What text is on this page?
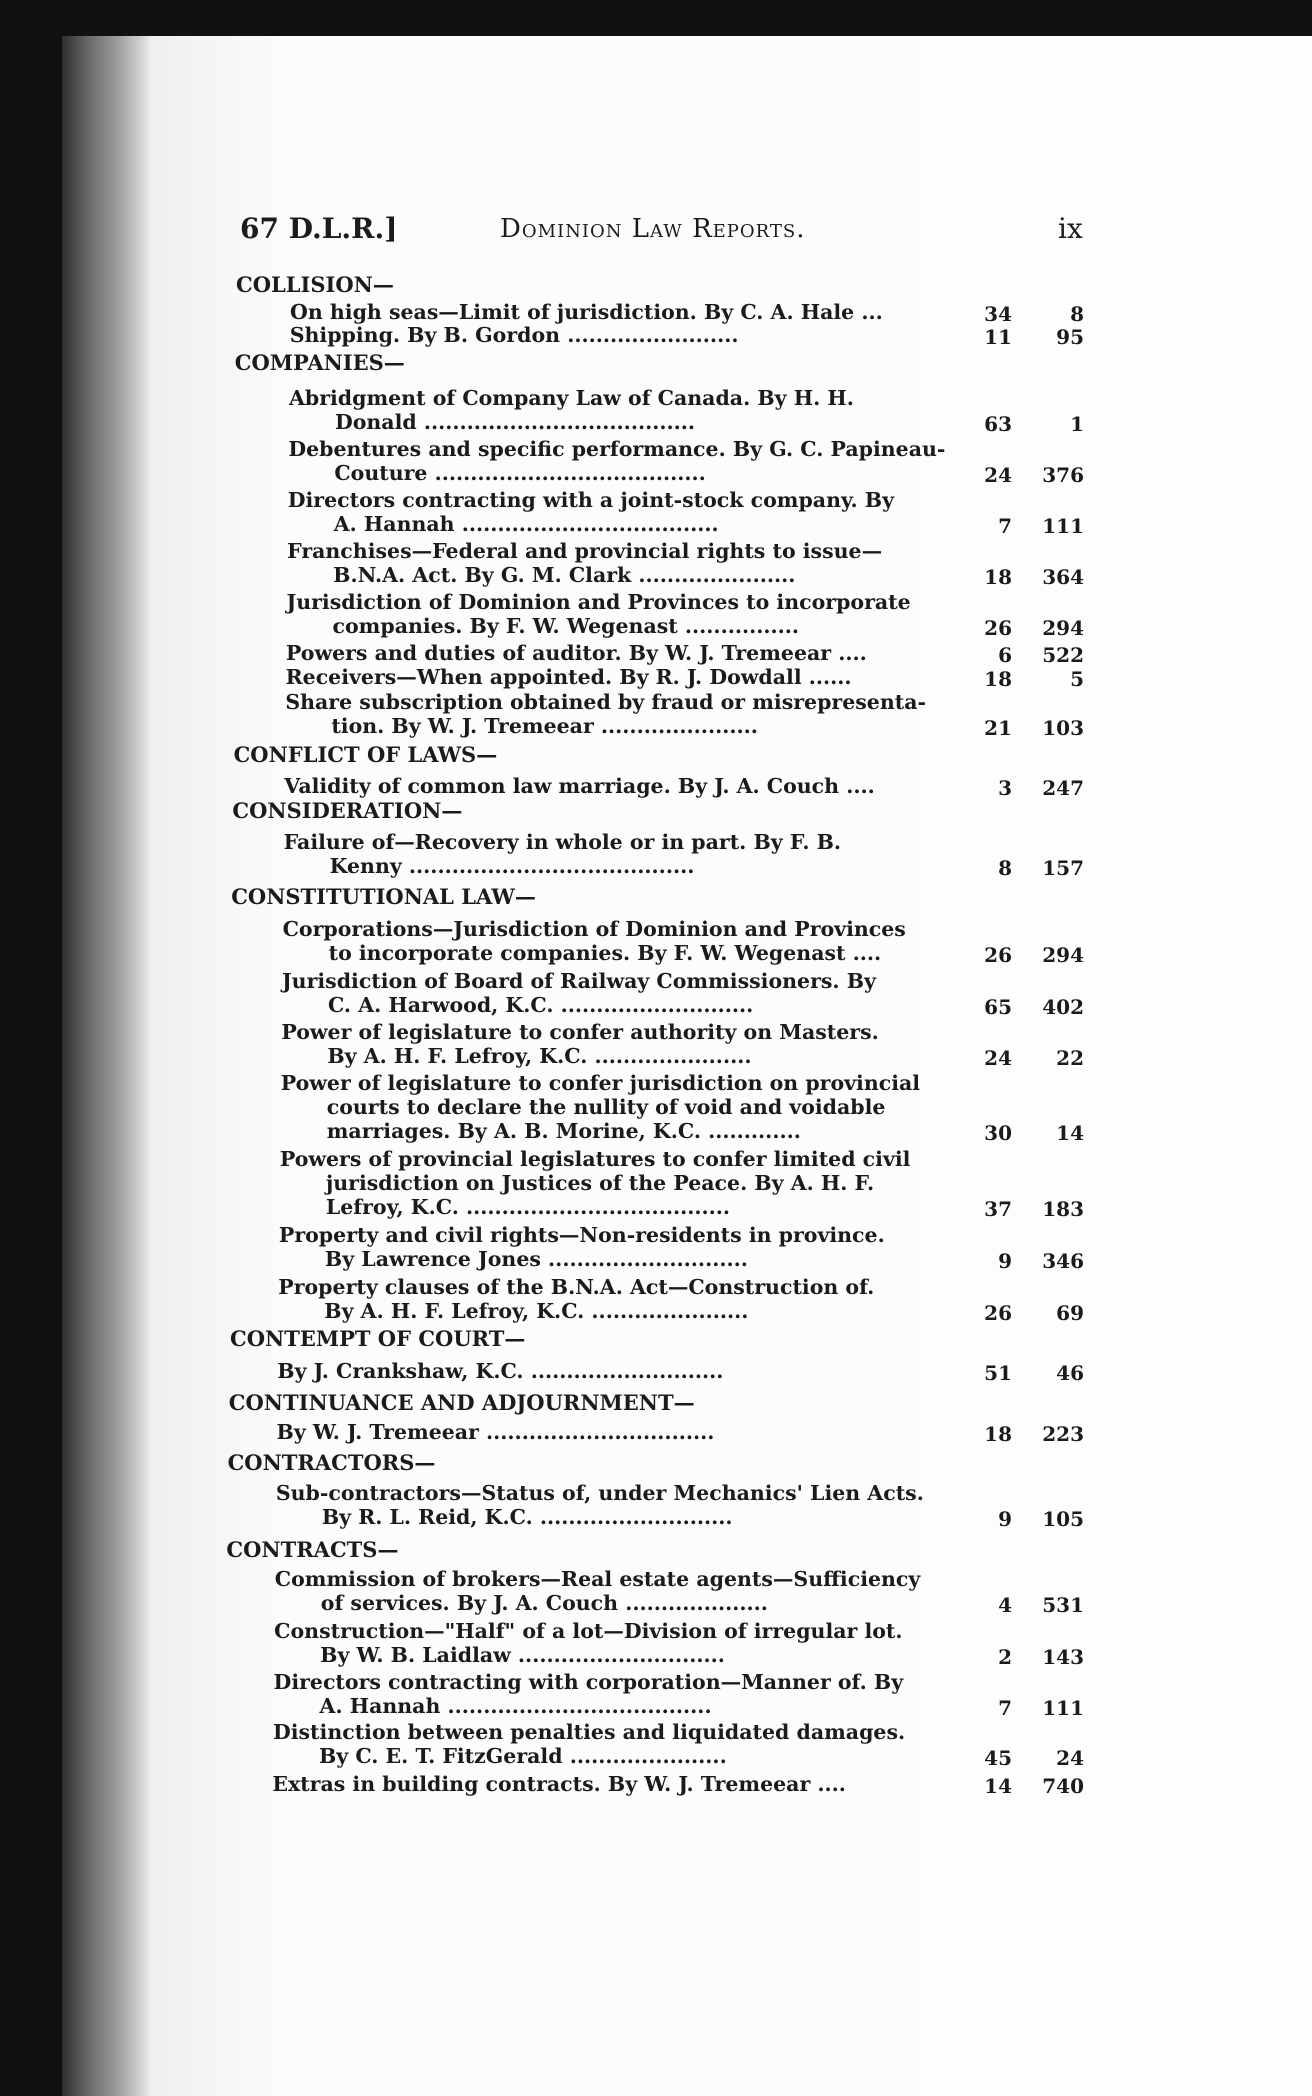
67 D.L.R.]	Dominion Law Reports.	ix
COLLISION—
On high seas—Limit of jurisdiction. By C. A. Hale ...	34	8
Shipping. By B. Gordon ........................	11	95
COMPANIES—
Abridgment of Company Law of Canada. By H. H.
Donald ......................................	63	1
Debentures and specific performance. By G. C. Papineau-
Couture ......................................	24	376
Directors contracting with a joint-stock company. By
A. Hannah ....................................	7	111
Franchises—Federal and provincial rights to issue—
B.N.A. Act. By G. M. Clark ......................	18	364
Jurisdiction of Dominion and Provinces to incorporate
companies. By F. W. Wegenast ................	26	294
Powers and duties of auditor. By W. J. Tremeear ....	6	522
Receivers—When appointed. By R. J. Dowdall ......	18	5
Share subscription obtained by fraud or misrepresenta-
tion. By W. J. Tremeear ......................	21	103
CONFLICT OF LAWS—
Validity of common law marriage. By J. A. Couch ....	3	247
CONSIDERATION—
Failure of—Recovery in whole or in part. By F. B.
Kenny ........................................	8	157
CONSTITUTIONAL LAW—
Corporations—Jurisdiction of Dominion and Provinces
to incorporate companies. By F. W. Wegenast ....	26	294
Jurisdiction of Board of Railway Commissioners. By
C. A. Harwood, K.C. ...........................	65	402
Power of legislature to confer authority on Masters.
By A. H. F. Lefroy, K.C. ......................	24	22
Power of legislature to confer jurisdiction on provincial
courts to declare the nullity of void and voidable
marriages. By A. B. Morine, K.C. .............	30	14
Powers of provincial legislatures to confer limited civil
jurisdiction on Justices of the Peace. By A. H. F.
Lefroy, K.C. .....................................	37	183
Property and civil rights—Non-residents in province.
By Lawrence Jones ............................	9	346
Property clauses of the B.N.A. Act—Construction of.
By A. H. F. Lefroy, K.C. ......................	26	69
CONTEMPT OF COURT—
By J. Crankshaw, K.C. ...........................	51	46
CONTINUANCE AND ADJOURNMENT—
By W. J. Tremeear ................................	18	223
CONTRACTORS—
Sub-contractors—Status of, under Mechanics' Lien Acts.
By R. L. Reid, K.C. ...........................	9	105
CONTRACTS—
Commission of brokers—Real estate agents—Sufficiency
of services. By J. A. Couch ....................	4	531
Construction—"Half" of a lot—Division of irregular lot.
By W. B. Laidlaw .............................	2	143
Directors contracting with corporation—Manner of. By
A. Hannah .....................................	7	111
Distinction between penalties and liquidated damages.
By C. E. T. FitzGerald ......................	45	24
Extras in building contracts. By W. J. Tremeear ....	14	740
